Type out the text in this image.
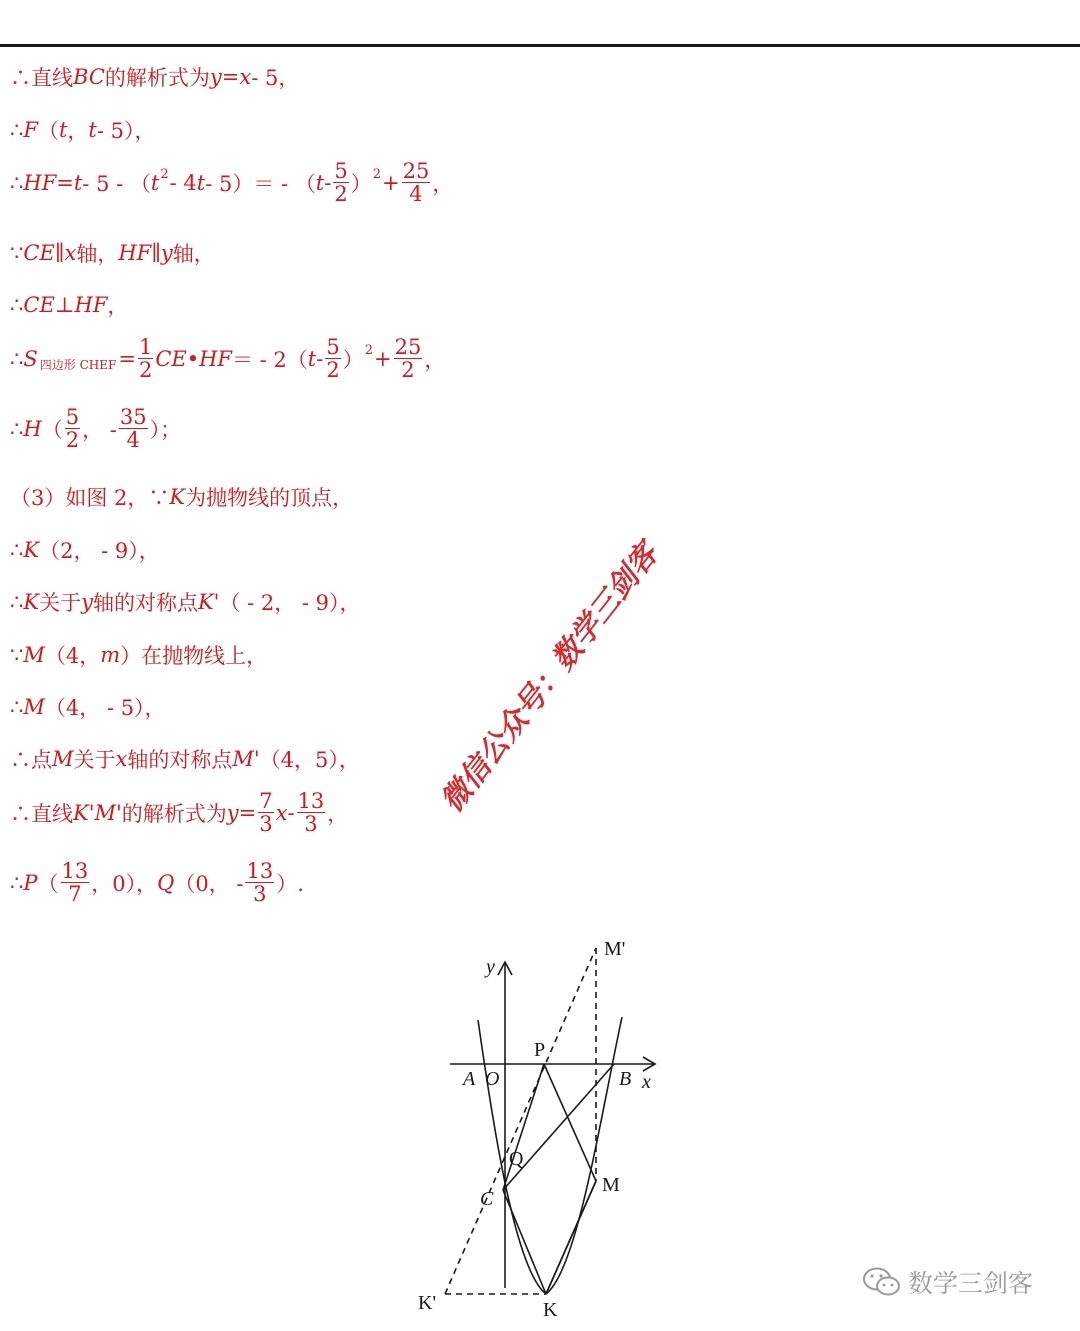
∴直线 BC 的解析式为 y=x - 5，
∴ F （ t ， t - 5），
∴ HF=t - 5 - （ t 2 - 4 t - 5）＝ - （ t - $\frac{5}{2}$ ） $2 + \frac{25}{4}$ ，
∵ CE ∥ x 轴， HF ∥ y 轴，
∴ CE ⊥ HF ，
∴ S 四边形 CHEF = $\frac{1}{2}$ CE•HF ＝ - 2（ t - $\frac{5}{2}$ ） $2 + \frac{25}{2}$ ，
∴ H （ $\frac{5}{2}$ ， - $\frac{35}{4}$ ）；
（3）如图 2，∵ K 为抛物线的顶点，
∴ K （2， - 9），
∴ K 关于 y 轴的对称点 K' （ - 2， - 9），
∵ M （4， m ）在抛物线上，
∴ M （4， - 5），
∴点 M 关于 x 轴的对称点 M' （4，5），
∴直线 K'M' 的解析式为 $y = \frac{7}{3}$ x - $\frac{13}{3}$ ，
∴ P （ $\frac{13}{7}$ ，0）， Q （0， - $\frac{13}{3}$ ）.
微信公众号：数学三剑客
y
x
A O	B
P
Q
C
M
M'
K
K'
数学三剑客
